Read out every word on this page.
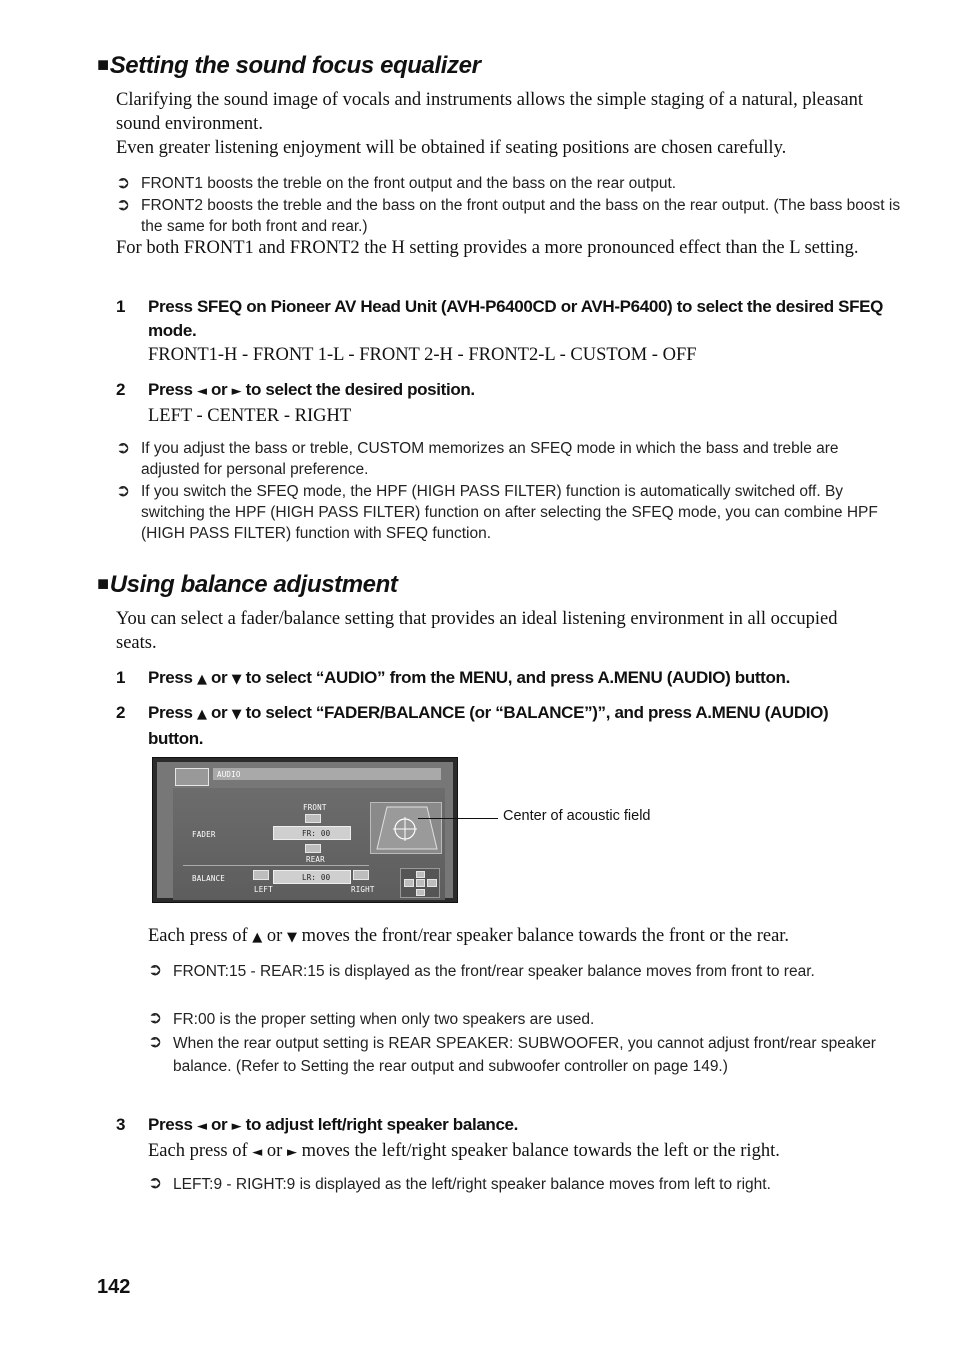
■Setting the sound focus equalizer

Clarifying the sound image of vocals and instruments allows the simple staging of a natural, pleasant sound environment.

Even greater listening enjoyment will be obtained if seating positions are chosen carefully.

➲ FRONT1 boosts the treble on the front output and the bass on the rear output.
➲ FRONT2 boosts the treble and the bass on the front output and the bass on the rear output. (The bass boost is the same for both front and rear.)

For both FRONT1 and FRONT2 the H setting provides a more pronounced effect than the L setting.

1 Press SFEQ on Pioneer AV Head Unit (AVH-P6400CD or AVH-P6400) to select the desired SFEQ mode.
FRONT1-H - FRONT 1-L - FRONT 2-H - FRONT2-L - CUSTOM - OFF
2 Press ◄ or ► to select the desired position.
LEFT - CENTER - RIGHT
➲ If you adjust the bass or treble, CUSTOM memorizes an SFEQ mode in which the bass and treble are adjusted for personal preference.
➲ If you switch the SFEQ mode, the HPF (HIGH PASS FILTER) function is automatically switched off. By switching the HPF (HIGH PASS FILTER) function on after selecting the SFEQ mode, you can combine HPF (HIGH PASS FILTER) function with SFEQ function.
■Using balance adjustment

You can select a fader/balance setting that provides an ideal listening environment in all occupied seats.

1 Press ▲ or ▼ to select “AUDIO” from the MENU, and press A.MENU (AUDIO) button.
2 Press ▲ or ▼ to select “FADER/BALANCE (or “BALANCE”)”, and press A.MENU (AUDIO) button.
AUDIO
FRONT
FADER	FR: 00
REAR
BALANCE	LR: 00
LEFT	RIGHT
Center of acoustic field

Each press of ▲ or ▼ moves the front/rear speaker balance towards the front or the rear.

➲ FRONT:15 - REAR:15 is displayed as the front/rear speaker balance moves from front to rear.
➲ FR:00 is the proper setting when only two speakers are used.
➲ When the rear output setting is REAR SPEAKER: SUBWOOFER, you cannot adjust front/rear speaker balance. (Refer to Setting the rear output and subwoofer controller on page 149.)
3 Press ◄ or ► to adjust left/right speaker balance.
Each press of ◄ or ► moves the left/right speaker balance towards the left or the right.
➲ LEFT:9 - RIGHT:9 is displayed as the left/right speaker balance moves from left to right.
142
